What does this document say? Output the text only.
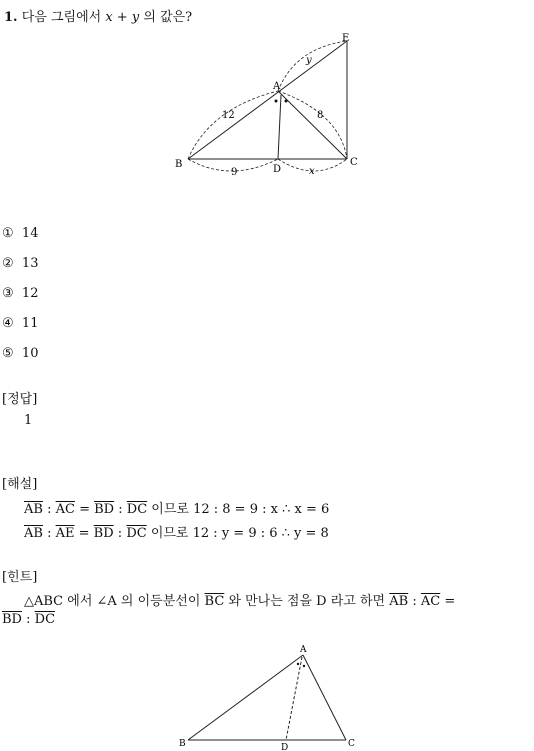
1. 다음 그림에서 x + y 의 값은?
E
A
B	C
D
y
12	8
9	x
① 14
② 13
③ 12
④ 11
⑤ 10
[정답]
1
[해설]
$\overline{AB}$ : $\overline{AC} = \overline{BD}$ : $\overline{DC}$ 이므로 12 : 8 = 9 : x ∴ x = 6
$\overline{AB}$ : $\overline{AE} = \overline{BD}$ : $\overline{DC}$ 이므로 12 : y = 9 : 6 ∴ y = 8
[힌트]
△ABC 에서 ∠A 의 이등분선이 $\overline{BC}$ 와 만나는 점을 D 라고 하면 $\overline{AB}$ : $\overline{AC}$ =
$\overline{BD}$ : $\overline{DC}$
A
B	C
D
